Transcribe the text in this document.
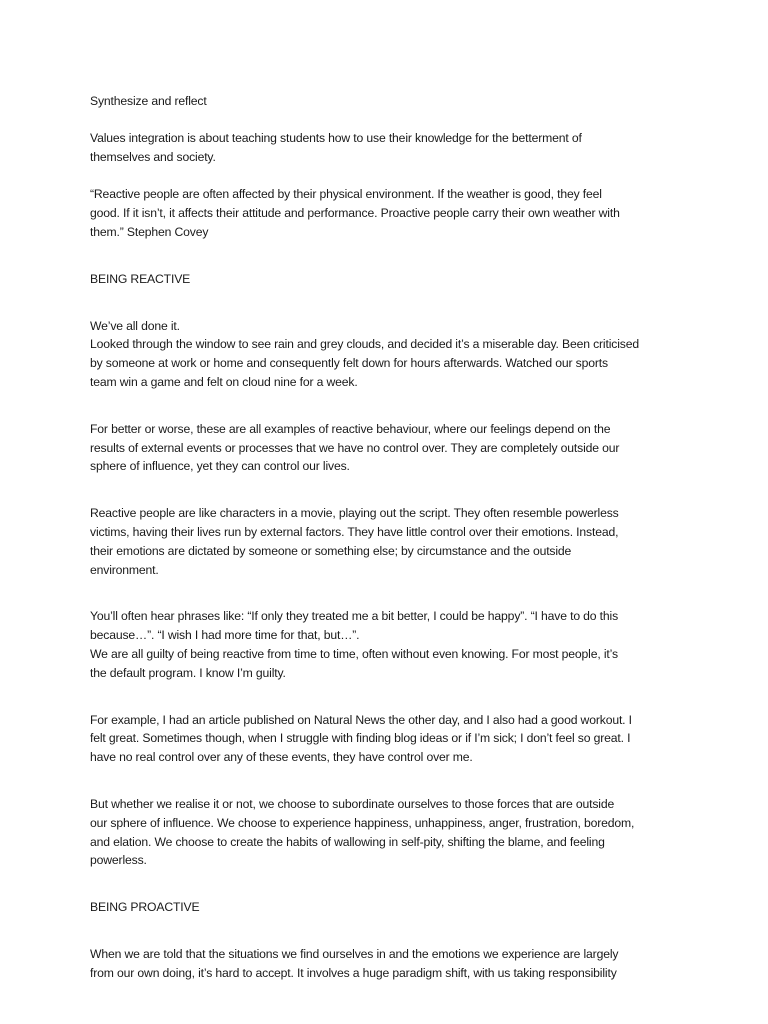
Synthesize and reflect

Values integration is about teaching students how to use their knowledge for the betterment of
themselves and society.

“Reactive people are often affected by their physical environment. If the weather is good, they feel
good. If it isn’t, it affects their attitude and performance. Proactive people carry their own weather with
them.” Stephen Covey

BEING REACTIVE

We’ve all done it.
Looked through the window to see rain and grey clouds, and decided it’s a miserable day. Been criticised
by someone at work or home and consequently felt down for hours afterwards. Watched our sports
team win a game and felt on cloud nine for a week.

For better or worse, these are all examples of reactive behaviour, where our feelings depend on the
results of external events or processes that we have no control over. They are completely outside our
sphere of influence, yet they can control our lives.

Reactive people are like characters in a movie, playing out the script. They often resemble powerless
victims, having their lives run by external factors. They have little control over their emotions. Instead,
their emotions are dictated by someone or something else; by circumstance and the outside
environment.

You’ll often hear phrases like: “If only they treated me a bit better, I could be happy”. “I have to do this
because…”. “I wish I had more time for that, but…”.
We are all guilty of being reactive from time to time, often without even knowing. For most people, it’s
the default program. I know I’m guilty.

For example, I had an article published on Natural News the other day, and I also had a good workout. I
felt great. Sometimes though, when I struggle with finding blog ideas or if I’m sick; I don’t feel so great. I
have no real control over any of these events, they have control over me.

But whether we realise it or not, we choose to subordinate ourselves to those forces that are outside
our sphere of influence. We choose to experience happiness, unhappiness, anger, frustration, boredom,
and elation. We choose to create the habits of wallowing in self-pity, shifting the blame, and feeling
powerless.

BEING PROACTIVE

When we are told that the situations we find ourselves in and the emotions we experience are largely
from our own doing, it’s hard to accept. It involves a huge paradigm shift, with us taking responsibility
